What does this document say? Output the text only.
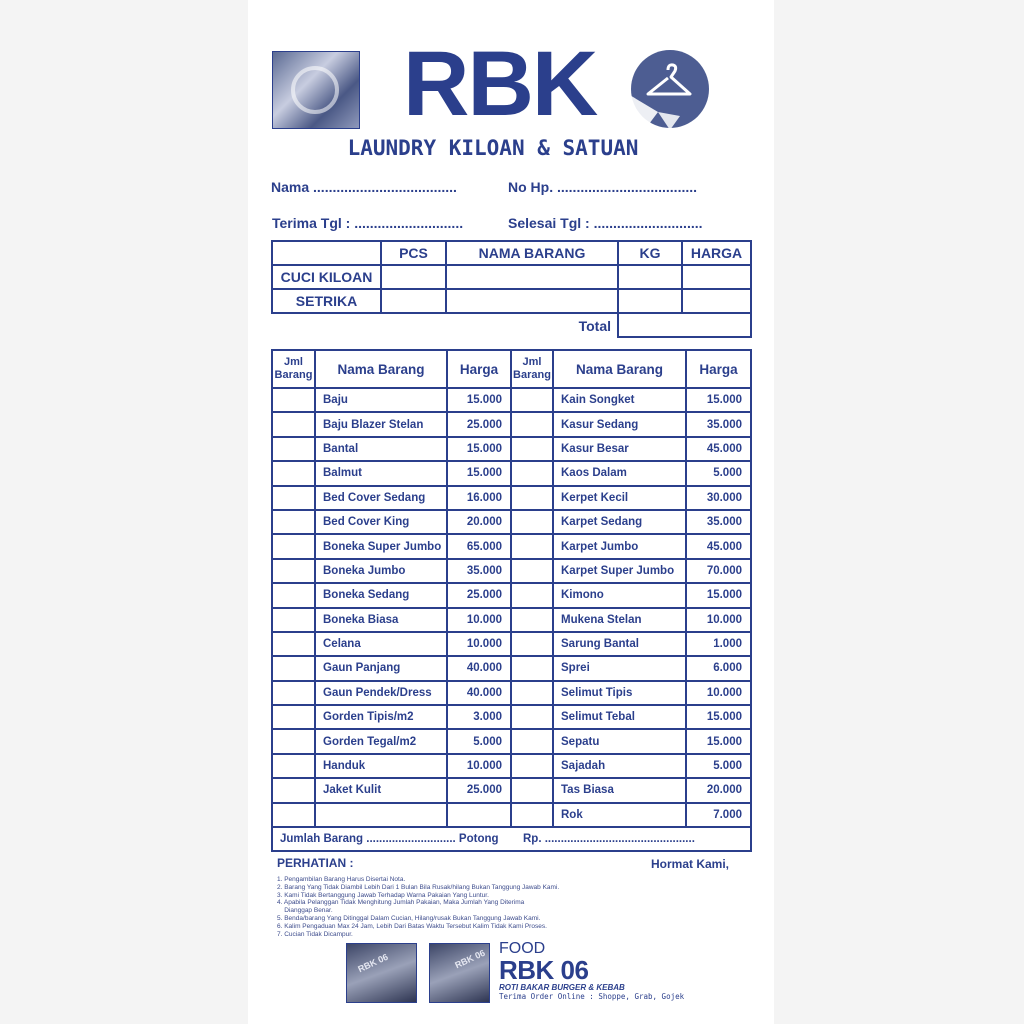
RBK
LAUNDRY KILOAN & SATUAN
Nama .....................................	No Hp. ....................................
Terima Tgl : ............................	Selesai Tgl : ............................
	PCS	NAMA BARANG	KG	HARGA
CUCI KILOAN				
SETRIKA				
Total				
Jml Barang	Nama Barang	Harga	Jml Barang	Nama Barang	Harga
	Baju	15.000		Kain Songket	15.000
	Baju Blazer Stelan	25.000		Kasur Sedang	35.000
	Bantal	15.000		Kasur Besar	45.000
	Balmut	15.000		Kaos Dalam	5.000
	Bed Cover Sedang	16.000		Kerpet Kecil	30.000
	Bed Cover King	20.000		Karpet Sedang	35.000
	Boneka Super Jumbo	65.000		Karpet Jumbo	45.000
	Boneka Jumbo	35.000		Karpet Super Jumbo	70.000
	Boneka Sedang	25.000		Kimono	15.000
	Boneka Biasa	10.000		Mukena Stelan	10.000
	Celana	10.000		Sarung Bantal	1.000
	Gaun Panjang	40.000		Sprei	6.000
	Gaun Pendek/Dress	40.000		Selimut Tipis	10.000
	Gorden Tipis/m2	3.000		Selimut Tebal	15.000
	Gorden Tegal/m2	5.000		Sepatu	15.000
	Handuk	10.000		Sajadah	5.000
	Jaket Kulit	25.000		Tas Biasa	20.000
				Rok	7.000
Jumlah Barang ............................ Potong			Rp. ...............................................		
PERHATIAN :
1. Pengambilan Barang Harus Disertai Nota.
2. Barang Yang Tidak Diambil Lebih Dari 1 Bulan Bila Rusak/hilang Bukan Tanggung Jawab Kami.
3. Kami Tidak Bertanggung Jawab Terhadap Warna Pakaian Yang Luntur.
4. Apabila Pelanggan Tidak Menghitung Jumlah Pakaian, Maka Jumlah Yang Diterima
Dianggap Benar.
5. Benda/barang Yang Ditinggal Dalam Cucian, Hilang/rusak Bukan Tanggung Jawab Kami.
6. Kalim Pengaduan Max 24 Jam, Lebih Dari Batas Waktu Tersebut Kalim Tidak Kami Proses.
7. Cucian Tidak Dicampur.
Hormat Kami,
RBK 06	RBK 06 FOOD
RBK 06
ROTI BAKAR BURGER & KEBAB
Terima Order Online : Shoppe, Grab, Gojek
